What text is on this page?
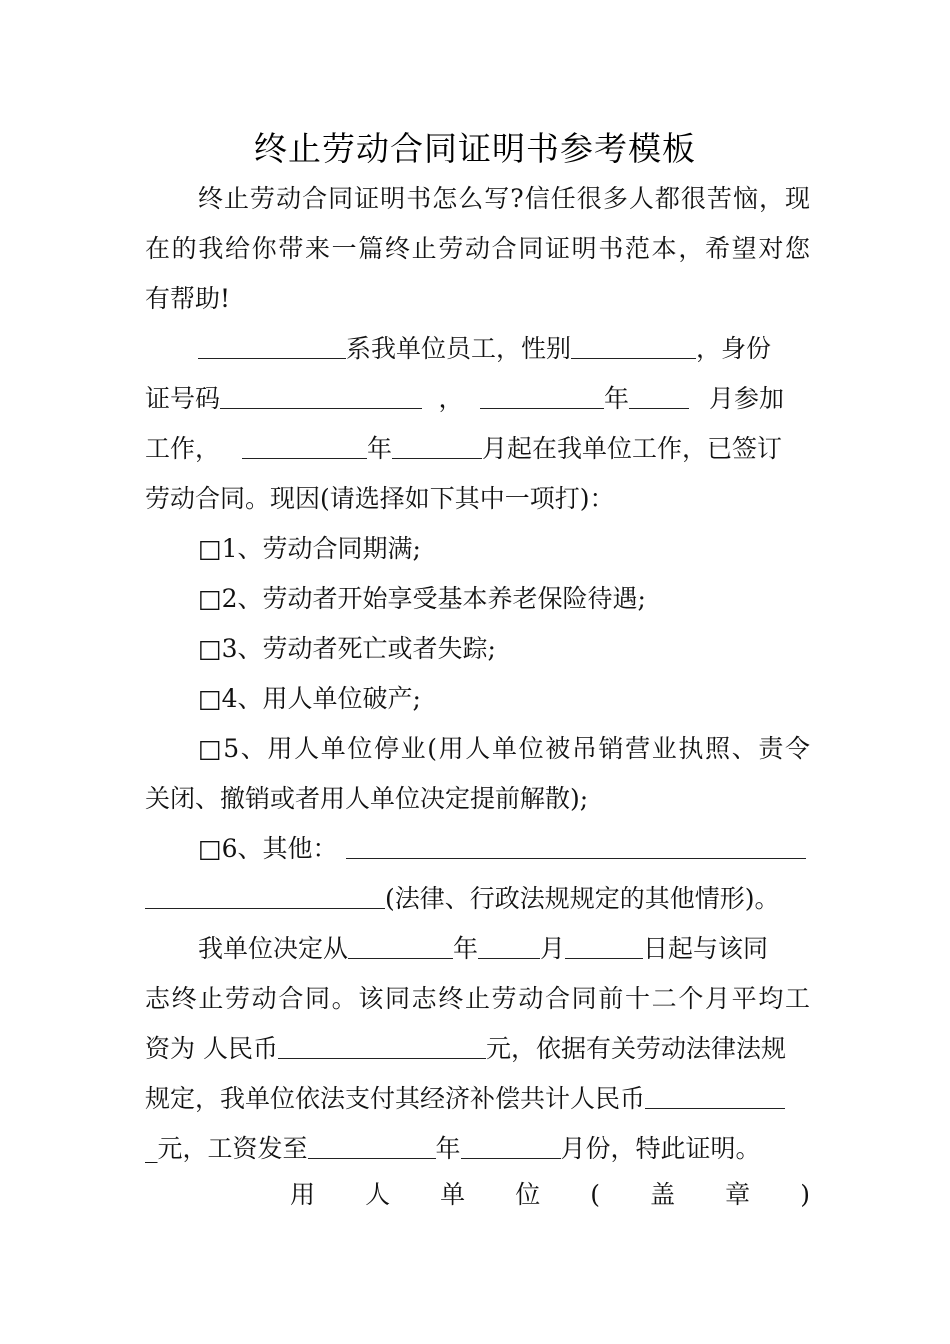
终止劳动合同证明书参考模板
终止劳动合同证明书怎么写?信任很多人都很苦恼，现
在的我给你带来一篇终止劳动合同证明书范本，希望对您
有帮助!
系我单位员工，性别	，身份
证号码	，	年	月参加
工作，	年	月起在我单位工作，已签订
劳动合同。现因(请选择如下其中一项打)：
□1、劳动合同期满;
□2、劳动者开始享受基本养老保险待遇;
□3、劳动者死亡或者失踪;
□4、用人单位破产;
□5、用人单位停业(用人单位被吊销营业执照、责令
关闭、撤销或者用人单位决定提前解散);
□6、其他：
(法律、行政法规规定的其他情形)。
我单位决定从	年 月	日起与该同
志终止劳动合同。该同志终止劳动合同前十二个月平均工
资为 人民币	元，依据有关劳动法律法规
规定，我单位依法支付其经济补偿共计人民币
_元，工资发至	年	月份，特此证明。
用 人 单 位 ( 盖 章 )
